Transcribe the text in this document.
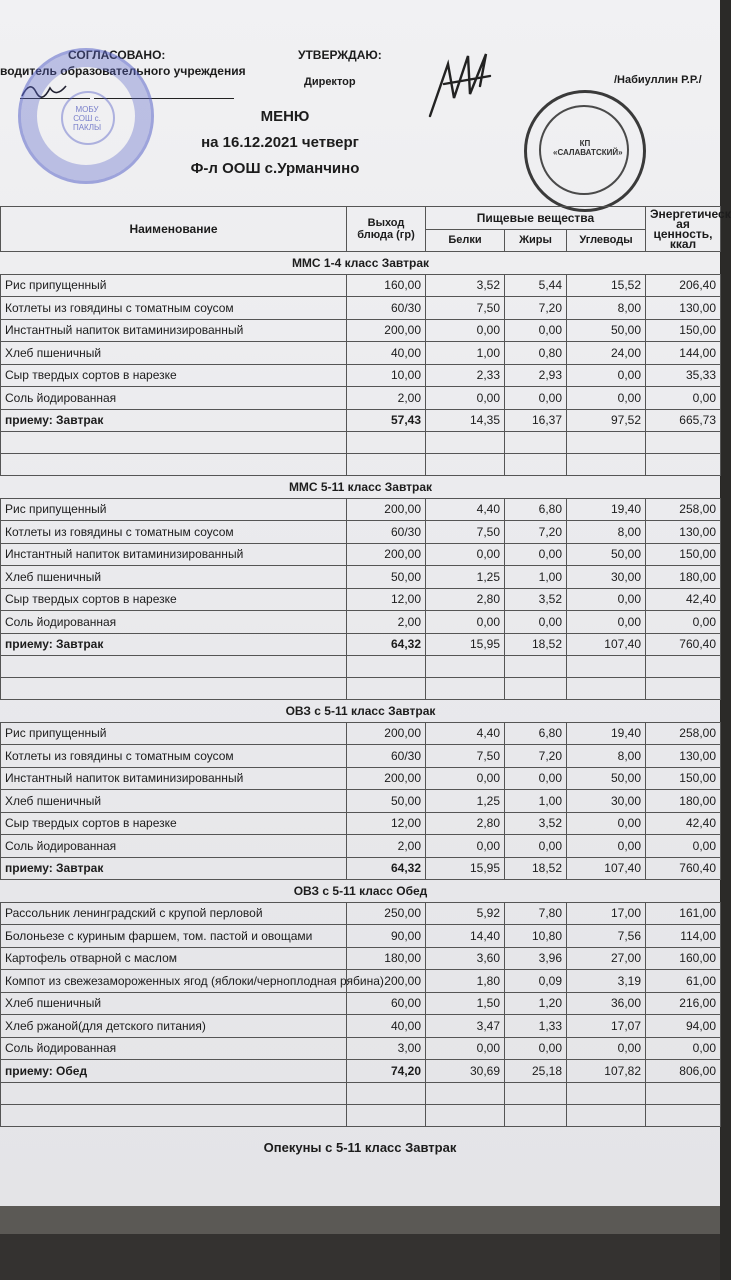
СОГЛАСОВАНО:
водитель образовательного учреждения
УТВЕРЖДАЮ:
Директор	/Набиуллин Р.Р./
МОБУ СОШ с. ПАКЛЫ
КП «САЛАВАТСКИЙ»
МЕНЮ
на 16.12.2021 четверг
Ф-л ООШ с.Урманчино
Наименование	Выход блюда (гр)	Пищевые вещества			Энергетическ ая ценность, ккал
		Белки	Жиры	Углеводы	
ММС 1-4 класс Завтрак					
Рис припущенный	160,00	3,52	5,44	15,52	206,40
Котлеты из говядины с томатным соусом	60/30	7,50	7,20	8,00	130,00
Инстантный напиток витаминизированный	200,00	0,00	0,00	50,00	150,00
Хлеб пшеничный	40,00	1,00	0,80	24,00	144,00
Сыр твердых сортов в нарезке	10,00	2,33	2,93	0,00	35,33
Соль йодированная	2,00	0,00	0,00	0,00	0,00
приему: Завтрак	57,43	14,35	16,37	97,52	665,73

ММС 5-11 класс Завтрак					
Рис припущенный	200,00	4,40	6,80	19,40	258,00
Котлеты из говядины с томатным соусом	60/30	7,50	7,20	8,00	130,00
Инстантный напиток витаминизированный	200,00	0,00	0,00	50,00	150,00
Хлеб пшеничный	50,00	1,25	1,00	30,00	180,00
Сыр твердых сортов в нарезке	12,00	2,80	3,52	0,00	42,40
Соль йодированная	2,00	0,00	0,00	0,00	0,00
приему: Завтрак	64,32	15,95	18,52	107,40	760,40

ОВЗ с 5-11 класс Завтрак					
Рис припущенный	200,00	4,40	6,80	19,40	258,00
Котлеты из говядины с томатным соусом	60/30	7,50	7,20	8,00	130,00
Инстантный напиток витаминизированный	200,00	0,00	0,00	50,00	150,00
Хлеб пшеничный	50,00	1,25	1,00	30,00	180,00
Сыр твердых сортов в нарезке	12,00	2,80	3,52	0,00	42,40
Соль йодированная	2,00	0,00	0,00	0,00	0,00
приему: Завтрак	64,32	15,95	18,52	107,40	760,40
ОВЗ с 5-11 класс Обед					
Рассольник ленинградский с крупой перловой	250,00	5,92	7,80	17,00	161,00
Болоньезе с куриным фаршем, том. пастой и овощами	90,00	14,40	10,80	7,56	114,00
Картофель отварной с маслом	180,00	3,60	3,96	27,00	160,00
Компот из свежезамороженных ягод (яблоки/черноплодная рябина)	200,00	1,80	0,09	3,19	61,00
Хлеб пшеничный	60,00	1,50	1,20	36,00	216,00
Хлеб ржаной(для детского питания)	40,00	3,47	1,33	17,07	94,00
Соль йодированная	3,00	0,00	0,00	0,00	0,00
приему: Обед	74,20	30,69	25,18	107,82	806,00

Опекуны с 5-11 класс Завтрак
